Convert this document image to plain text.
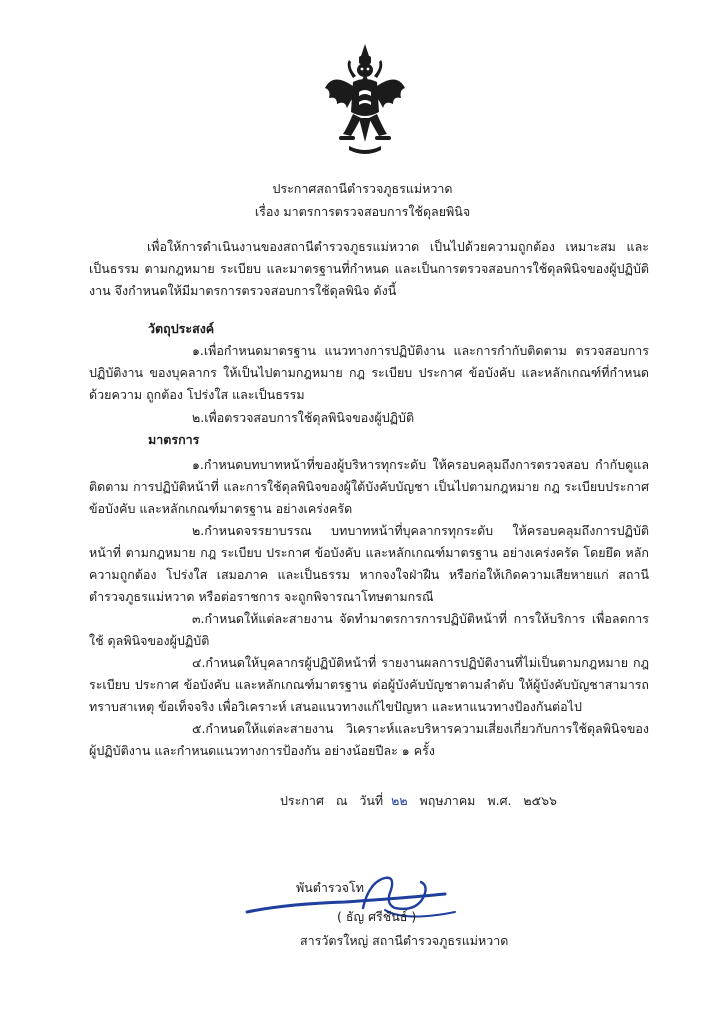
ประกาศสถานีตำรวจภูธรแม่หวาด
เรื่อง มาตรการตรวจสอบการใช้ดุลยพินิจ
เพื่อให้การดำเนินงานของสถานีตำรวจภูธรแม่หวาด เป็นไปด้วยความถูกต้อง เหมาะสม และเป็นธรรม ตามกฎหมาย ระเบียบ และมาตรฐานที่กำหนด และเป็นการตรวจสอบการใช้ดุลพินิจของผู้ปฏิบัติงาน จึงกำหนดให้มีมาตรการตรวจสอบการใช้ดุลพินิจ ดังนี้
วัตถุประสงค์
๑.เพื่อกำหนดมาตรฐาน แนวทางการปฏิบัติงาน และการกำกับติดตาม ตรวจสอบการปฏิบัติงาน ของบุคลากร ให้เป็นไปตามกฎหมาย กฎ ระเบียบ ประกาศ ข้อบังคับ และหลักเกณฑ์ที่กำหนดด้วยความ ถูกต้อง โปร่งใส และเป็นธรรม
๒.เพื่อตรวจสอบการใช้ดุลพินิจของผู้ปฏิบัติ
มาตรการ
๑.กำหนดบทบาทหน้าที่ของผู้บริหารทุกระดับ ให้ครอบคลุมถึงการตรวจสอบ กำกับดูแลติดตาม การปฏิบัติหน้าที่ และการใช้ดุลพินิจของผู้ใต้บังคับบัญชา เป็นไปตามกฎหมาย กฎ ระเบียบประกาศ ข้อบังคับ และหลักเกณฑ์มาตรฐาน อย่างเคร่งครัด
๒.กำหนดจรรยาบรรณ บทบาทหน้าที่บุคลากรทุกระดับ ให้ครอบคลุมถึงการปฏิบัติหน้าที่ ตามกฎหมาย กฎ ระเบียบ ประกาศ ข้อบังคับ และหลักเกณฑ์มาตรฐาน อย่างเคร่งครัด โดยยึด หลักความถูกต้อง โปร่งใส เสมอภาค และเป็นธรรม หากจงใจฝ่าฝืน หรือก่อให้เกิดความเสียหายแก่ สถานีตำรวจภูธรแม่หวาด หรือต่อราชการ จะถูกพิจารณาโทษตามกรณี
๓.กำหนดให้แต่ละสายงาน จัดทำมาตรการการปฏิบัติหน้าที่ การให้บริการ เพื่อลดการใช้ ดุลพินิจของผู้ปฏิบัติ
๔.กำหนดให้บุคลากรผู้ปฏิบัติหน้าที่ รายงานผลการปฏิบัติงานที่ไม่เป็นตามกฎหมาย กฎระเบียบ ประกาศ ข้อบังคับ และหลักเกณฑ์มาตรฐาน ต่อผู้บังคับบัญชาตามลำดับ ให้ผู้บังคับบัญชาสามารถทราบสาเหตุ ข้อเท็จจริง เพื่อวิเคราะห์ เสนอแนวทางแก้ไขปัญหา และหาแนวทางป้องกันต่อไป
๕.กำหนดให้แต่ละสายงาน วิเคราะห์และบริหารความเสี่ยงเกี่ยวกับการใช้ดุลพินิจของ ผู้ปฏิบัติงาน และกำหนดแนวทางการป้องกัน อย่างน้อยปีละ ๑ ครั้ง
ประกาศ ณ วันที่ ๒๒ พฤษภาคม พ.ศ. ๒๕๖๖
พันตำรวจโท
( ธัญ ศรีชันธ์ )
สารวัตรใหญ่ สถานีตำรวจภูธรแม่หวาด
